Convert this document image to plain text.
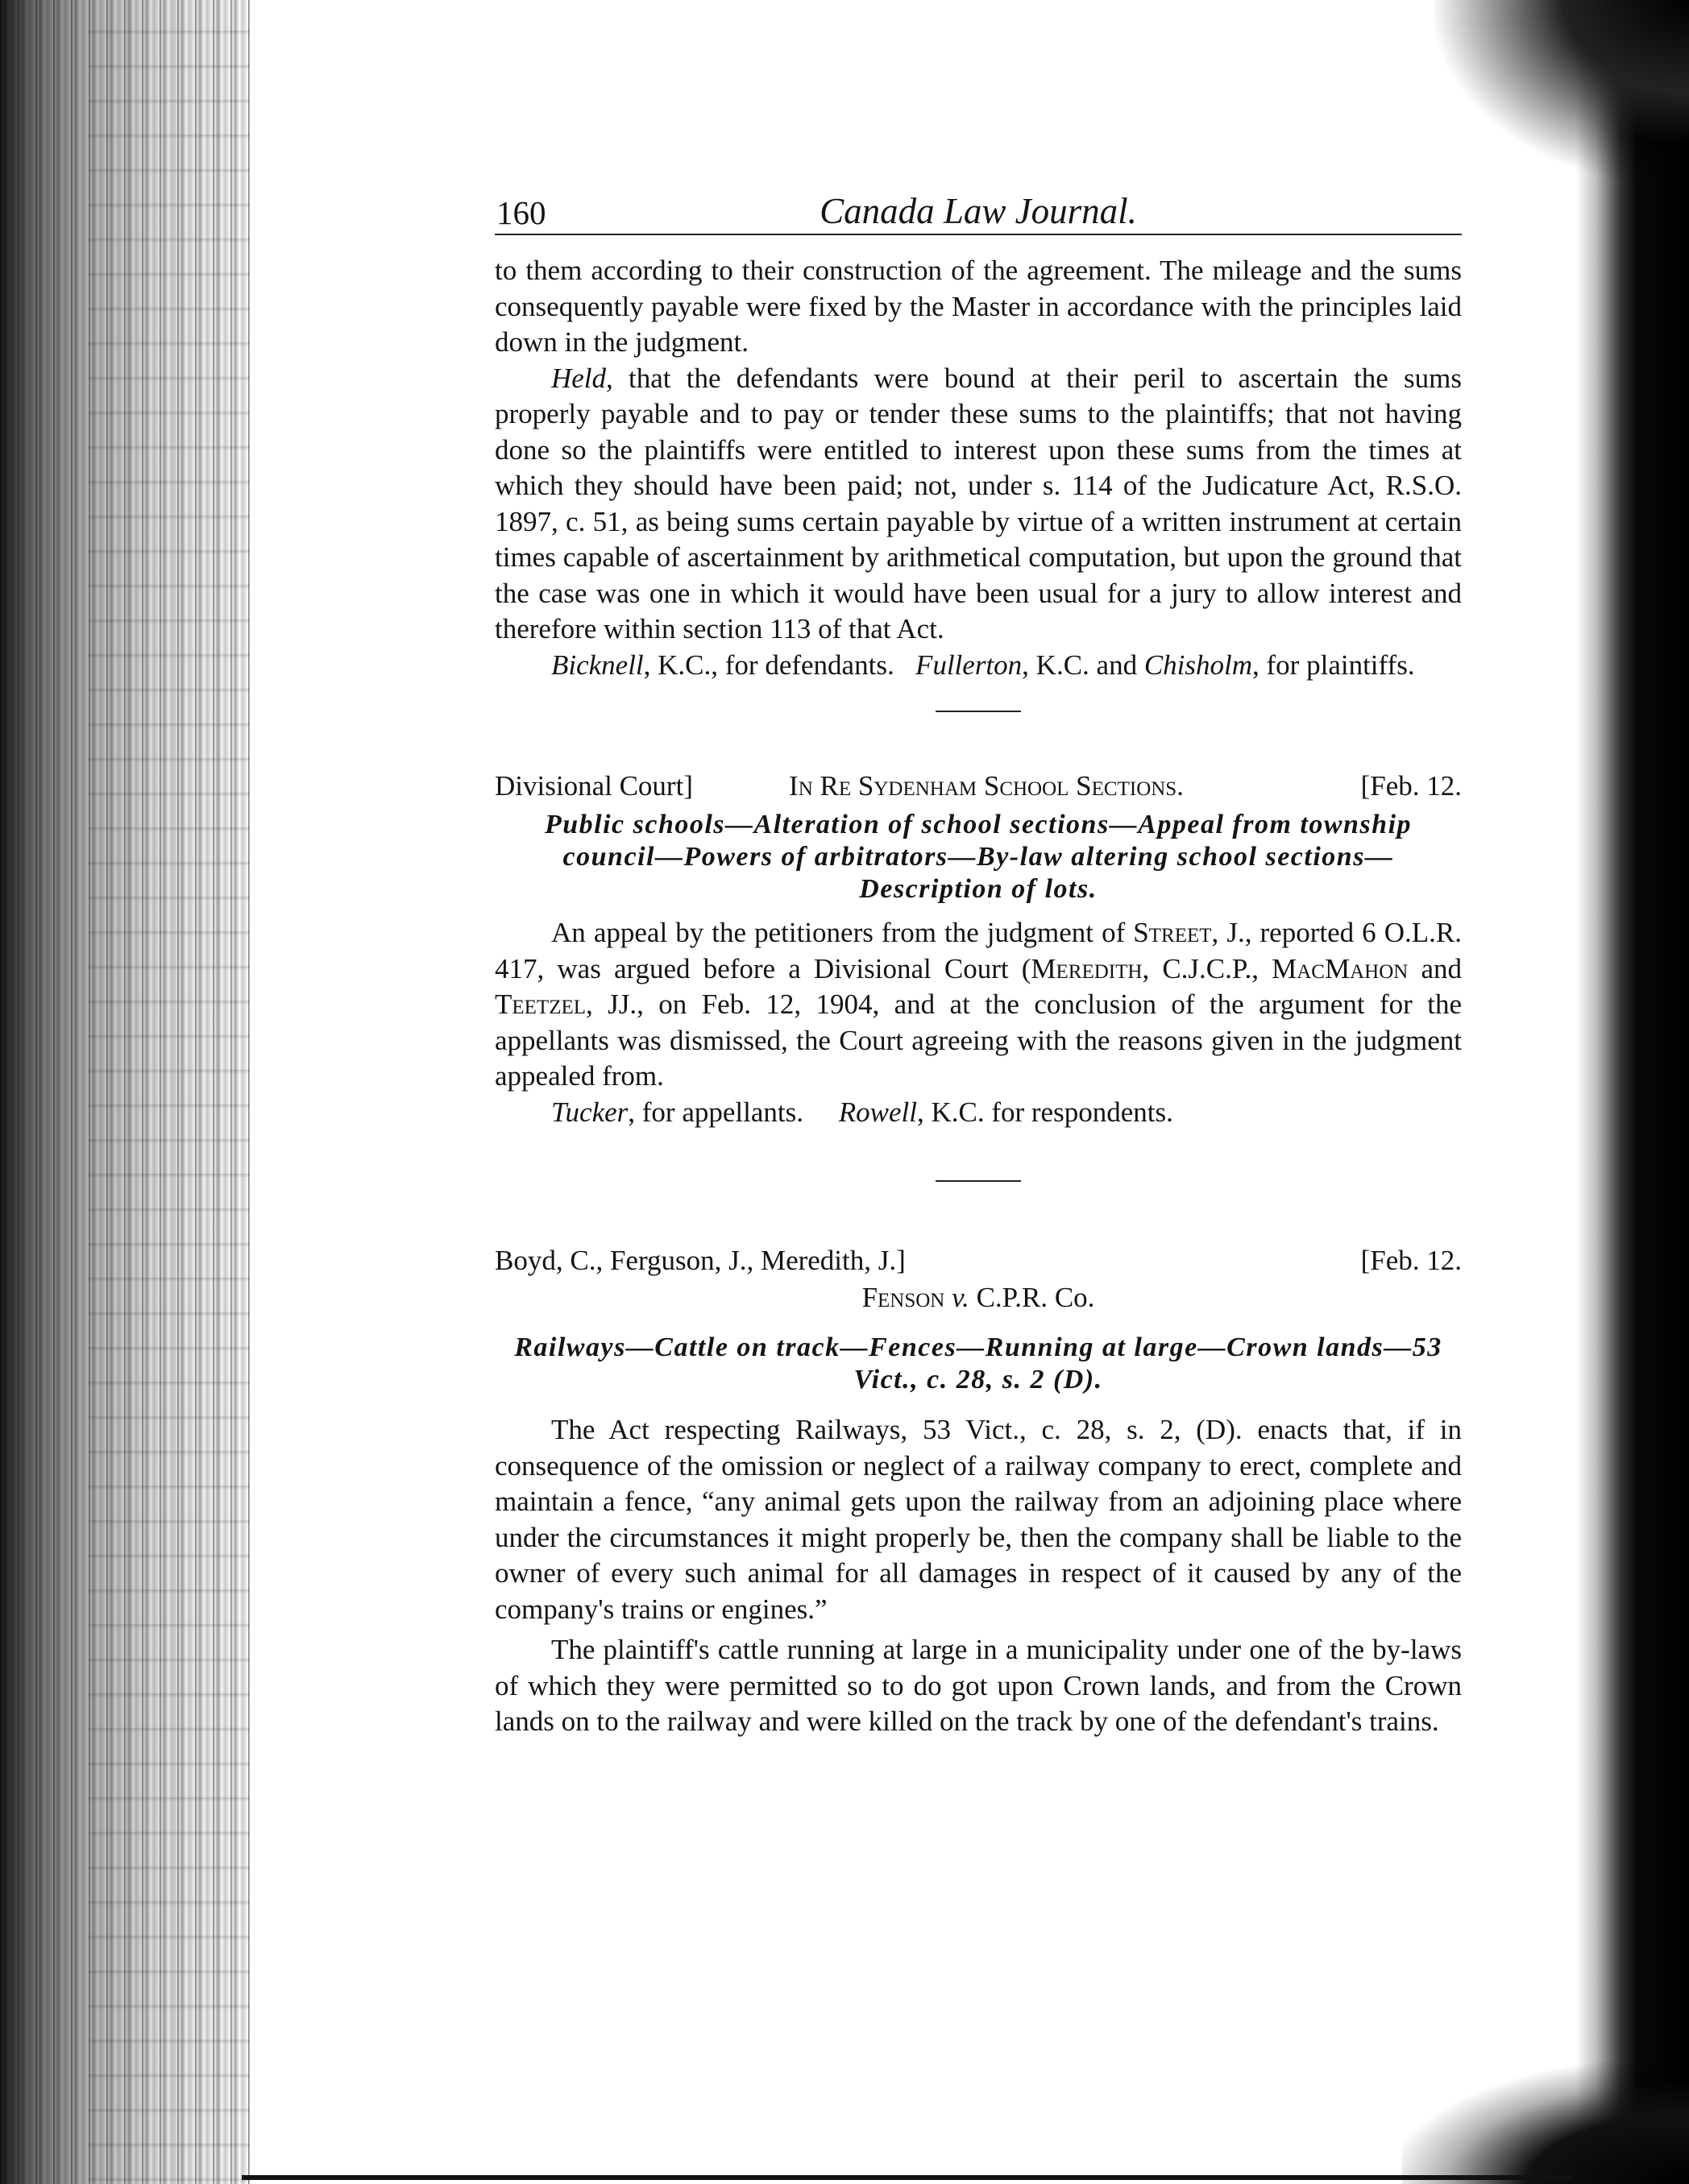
160	Canada Law Journal.

to them according to their construction of the agreement. The mileage and the sums consequently payable were fixed by the Master in accordance with the principles laid down in the judgment.

Held, that the defendants were bound at their peril to ascertain the sums properly payable and to pay or tender these sums to the plaintiffs; that not having done so the plaintiffs were entitled to interest upon these sums from the times at which they should have been paid; not, under s. 114 of the Judicature Act, R.S.O. 1897, c. 51, as being sums certain payable by virtue of a written instrument at certain times capable of ascertainment by arithmetical computation, but upon the ground that the case was one in which it would have been usual for a jury to allow interest and therefore within section 113 of that Act.

Bicknell, K.C., for defendants. Fullerton, K.C. and Chisholm, for plaintiffs.

Divisional Court]	In Re Sydenham School Sections.	[Feb. 12.
Public schools—Alteration of school sections—Appeal from township council—Powers of arbitrators—By-law altering school sections—Description of lots.

An appeal by the petitioners from the judgment of Street, J., reported 6 O.L.R. 417, was argued before a Divisional Court (Meredith, C.J.C.P., MacMahon and Teetzel, JJ., on Feb. 12, 1904, and at the conclusion of the argument for the appellants was dismissed, the Court agreeing with the reasons given in the judgment appealed from.

Tucker, for appellants. Rowell, K.C. for respondents.

Boyd, C., Ferguson, J., Meredith, J.]	[Feb. 12.
Fenson v. C.P.R. Co.
Railways—Cattle on track—Fences—Running at large—Crown lands—53 Vict., c. 28, s. 2 (D).

The Act respecting Railways, 53 Vict., c. 28, s. 2, (D). enacts that, if in consequence of the omission or neglect of a railway company to erect, complete and maintain a fence, “any animal gets upon the railway from an adjoining place where under the circumstances it might properly be, then the company shall be liable to the owner of every such animal for all damages in respect of it caused by any of the company's trains or engines.”

The plaintiff's cattle running at large in a municipality under one of the by-laws of which they were permitted so to do got upon Crown lands, and from the Crown lands on to the railway and were killed on the track by one of the defendant's trains.
